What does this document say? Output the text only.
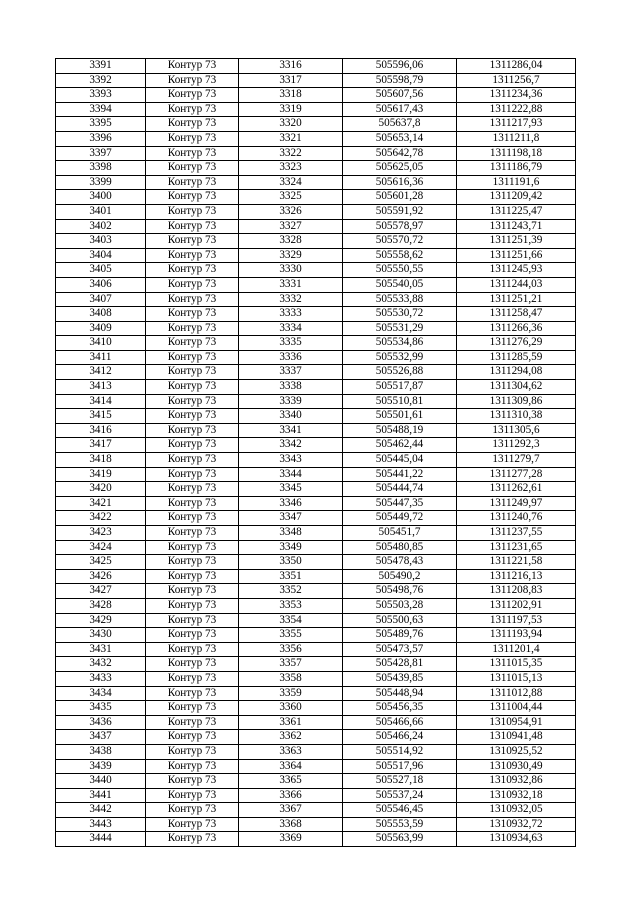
3391	Контур 73	3316	505596,06	1311286,04
3392	Контур 73	3317	505598,79	1311256,7
3393	Контур 73	3318	505607,56	1311234,36
3394	Контур 73	3319	505617,43	1311222,88
3395	Контур 73	3320	505637,8	1311217,93
3396	Контур 73	3321	505653,14	1311211,8
3397	Контур 73	3322	505642,78	1311198,18
3398	Контур 73	3323	505625,05	1311186,79
3399	Контур 73	3324	505616,36	1311191,6
3400	Контур 73	3325	505601,28	1311209,42
3401	Контур 73	3326	505591,92	1311225,47
3402	Контур 73	3327	505578,97	1311243,71
3403	Контур 73	3328	505570,72	1311251,39
3404	Контур 73	3329	505558,62	1311251,66
3405	Контур 73	3330	505550,55	1311245,93
3406	Контур 73	3331	505540,05	1311244,03
3407	Контур 73	3332	505533,88	1311251,21
3408	Контур 73	3333	505530,72	1311258,47
3409	Контур 73	3334	505531,29	1311266,36
3410	Контур 73	3335	505534,86	1311276,29
3411	Контур 73	3336	505532,99	1311285,59
3412	Контур 73	3337	505526,88	1311294,08
3413	Контур 73	3338	505517,87	1311304,62
3414	Контур 73	3339	505510,81	1311309,86
3415	Контур 73	3340	505501,61	1311310,38
3416	Контур 73	3341	505488,19	1311305,6
3417	Контур 73	3342	505462,44	1311292,3
3418	Контур 73	3343	505445,04	1311279,7
3419	Контур 73	3344	505441,22	1311277,28
3420	Контур 73	3345	505444,74	1311262,61
3421	Контур 73	3346	505447,35	1311249,97
3422	Контур 73	3347	505449,72	1311240,76
3423	Контур 73	3348	505451,7	1311237,55
3424	Контур 73	3349	505480,85	1311231,65
3425	Контур 73	3350	505478,43	1311221,58
3426	Контур 73	3351	505490,2	1311216,13
3427	Контур 73	3352	505498,76	1311208,83
3428	Контур 73	3353	505503,28	1311202,91
3429	Контур 73	3354	505500,63	1311197,53
3430	Контур 73	3355	505489,76	1311193,94
3431	Контур 73	3356	505473,57	1311201,4
3432	Контур 73	3357	505428,81	1311015,35
3433	Контур 73	3358	505439,85	1311015,13
3434	Контур 73	3359	505448,94	1311012,88
3435	Контур 73	3360	505456,35	1311004,44
3436	Контур 73	3361	505466,66	1310954,91
3437	Контур 73	3362	505466,24	1310941,48
3438	Контур 73	3363	505514,92	1310925,52
3439	Контур 73	3364	505517,96	1310930,49
3440	Контур 73	3365	505527,18	1310932,86
3441	Контур 73	3366	505537,24	1310932,18
3442	Контур 73	3367	505546,45	1310932,05
3443	Контур 73	3368	505553,59	1310932,72
3444	Контур 73	3369	505563,99	1310934,63
